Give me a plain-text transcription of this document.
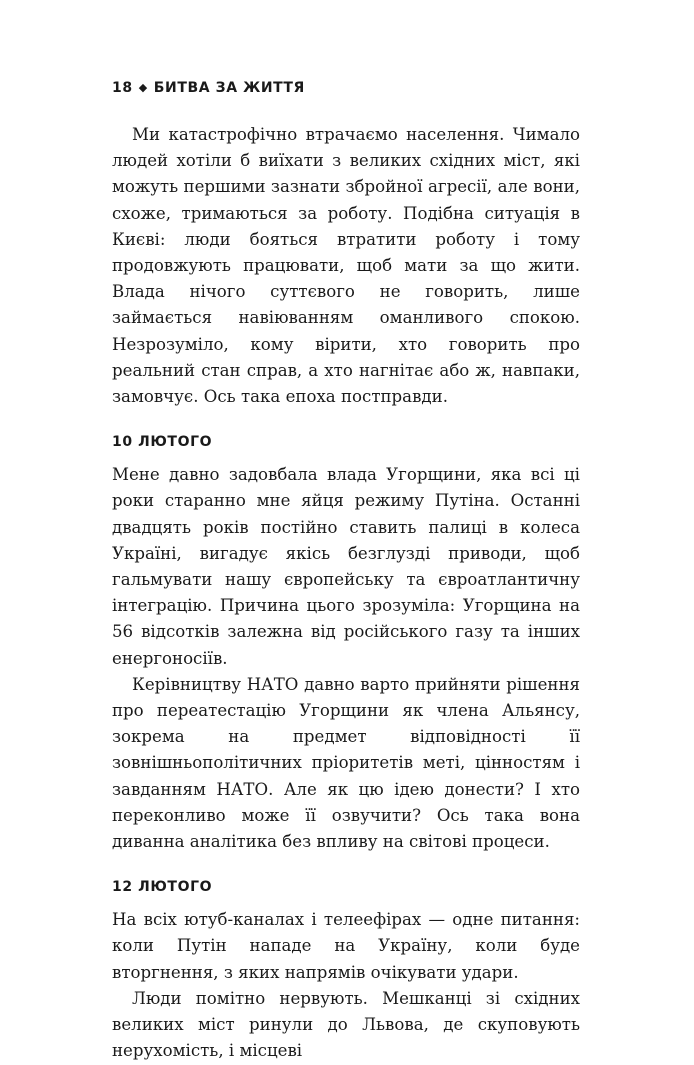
18 ◆ БИТВА ЗА ЖИТТЯ

Ми катастрофічно втрачаємо населення. Чимало людей хотіли б виїхати з великих східних міст, які можуть першими зазнати збройної агресії, але вони, схоже, тримаються за роботу. Подібна ситуація в Києві: люди бояться втратити роботу і тому продовжують працювати, щоб мати за що жити. Влада нічого суттєвого не говорить, лише займається навіюванням оманливого спокою. Незрозуміло, кому вірити, хто говорить про реальний стан справ, а хто нагнітає або ж, навпаки, замовчує. Ось така епоха постправди.

10 ЛЮТОГО

Мене давно задовбала влада Угорщини, яка всі ці роки старанно мне яйця режиму Путіна. Останні двадцять років постійно ставить палиці в колеса Україні, вигадує якісь безглузді приводи, щоб гальмувати нашу європейську та євроатлантичну інтеграцію. Причина цього зрозуміла: Угорщина на 56 відсотків залежна від російського газу та інших енергоносіїв.

Керівництву НАТО давно варто прийняти рішення про переатестацію Угорщини як члена Альянсу, зокрема на предмет відповідності її зовнішньополітичних пріоритетів меті, цінностям і завданням НАТО. Але як цю ідею донести? І хто переконливо може її озвучити? Ось така вона диванна аналітика без впливу на світові процеси.

12 ЛЮТОГО

На всіх ютуб-каналах і телеефірах — одне питання: коли Путін нападе на Україну, коли буде вторгнення, з яких напрямів очікувати удари.

Люди помітно нервують. Мешканці зі східних великих міст ринули до Львова, де скуповують нерухомість, і місцеві
